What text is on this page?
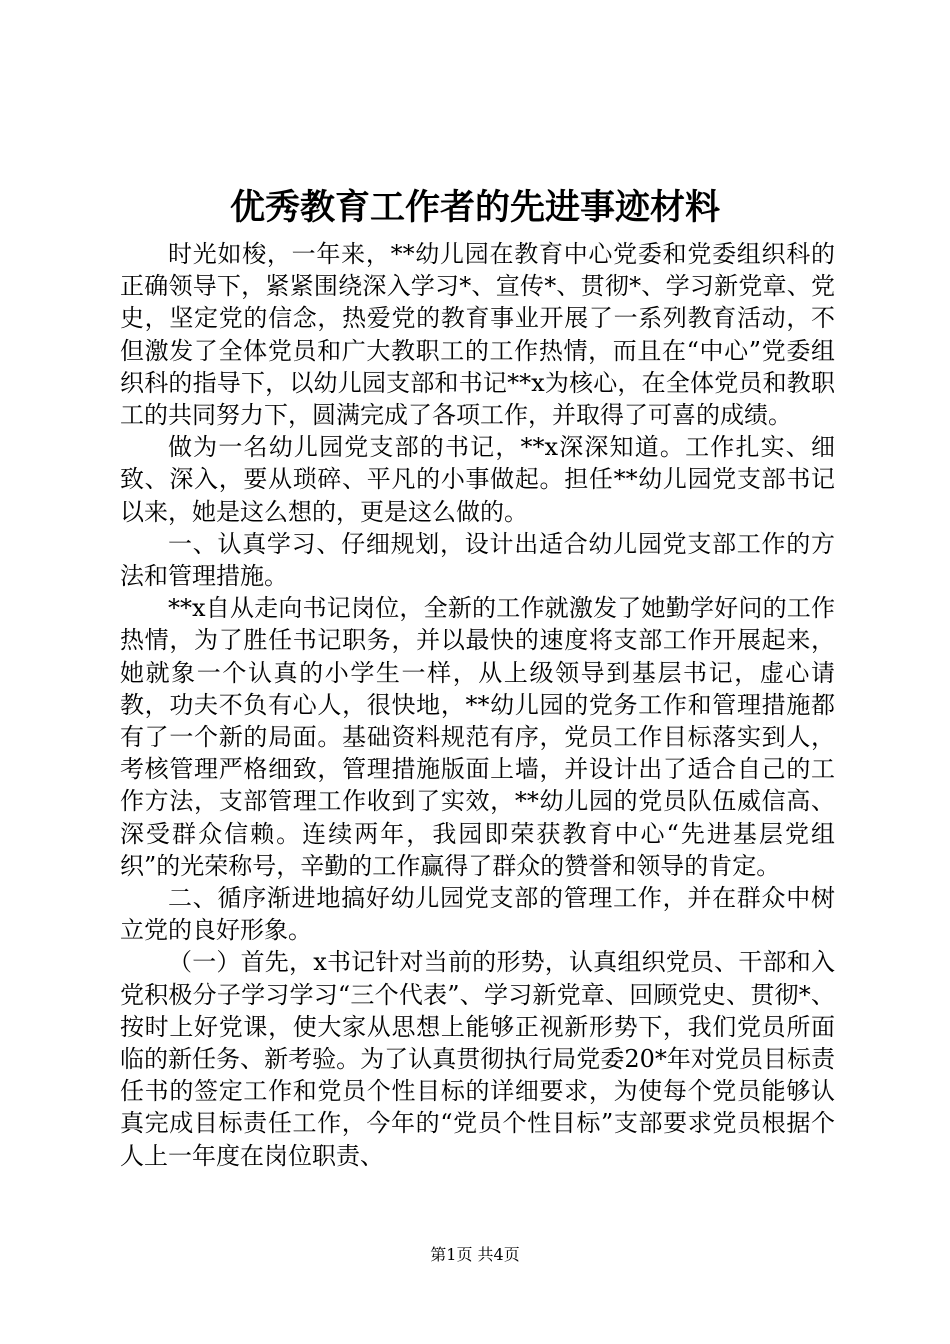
优秀教育工作者的先进事迹材料

时光如梭，一年来，**幼儿园在教育中心党委和党委组织科的正确领导下，紧紧围绕深入学习*、宣传*、贯彻*、学习新党章、党史，坚定党的信念，热爱党的教育事业开展了一系列教育活动，不但激发了全体党员和广大教职工的工作热情，而且在“中心”党委组织科的指导下，以幼儿园支部和书记**x为核心，在全体党员和教职工的共同努力下，圆满完成了各项工作，并取得了可喜的成绩。

做为一名幼儿园党支部的书记，**x深深知道。工作扎实、细致、深入，要从琐碎、平凡的小事做起。担任**幼儿园党支部书记以来，她是这么想的，更是这么做的。

一、认真学习、仔细规划，设计出适合幼儿园党支部工作的方法和管理措施。

**x自从走向书记岗位，全新的工作就激发了她勤学好问的工作热情，为了胜任书记职务，并以最快的速度将支部工作开展起来，她就象一个认真的小学生一样，从上级领导到基层书记，虚心请教，功夫不负有心人，很快地，**幼儿园的党务工作和管理措施都有了一个新的局面。基础资料规范有序，党员工作目标落实到人，考核管理严格细致，管理措施版面上墙，并设计出了适合自己的工作方法，支部管理工作收到了实效，**幼儿园的党员队伍威信高、深受群众信赖。连续两年，我园即荣获教育中心“先进基层党组织”的光荣称号，辛勤的工作赢得了群众的赞誉和领导的肯定。

二、循序渐进地搞好幼儿园党支部的管理工作，并在群众中树立党的良好形象。

（一）首先，x书记针对当前的形势，认真组织党员、干部和入党积极分子学习学习“三个代表”、学习新党章、回顾党史、贯彻*、按时上好党课，使大家从思想上能够正视新形势下，我们党员所面临的新任务、新考验。为了认真贯彻执行局党委20*年对党员目标责任书的签定工作和党员个性目标的详细要求，为使每个党员能够认真完成目标责任工作，今年的“党员个性目标”支部要求党员根据个人上一年度在岗位职责、

第1页 共4页
